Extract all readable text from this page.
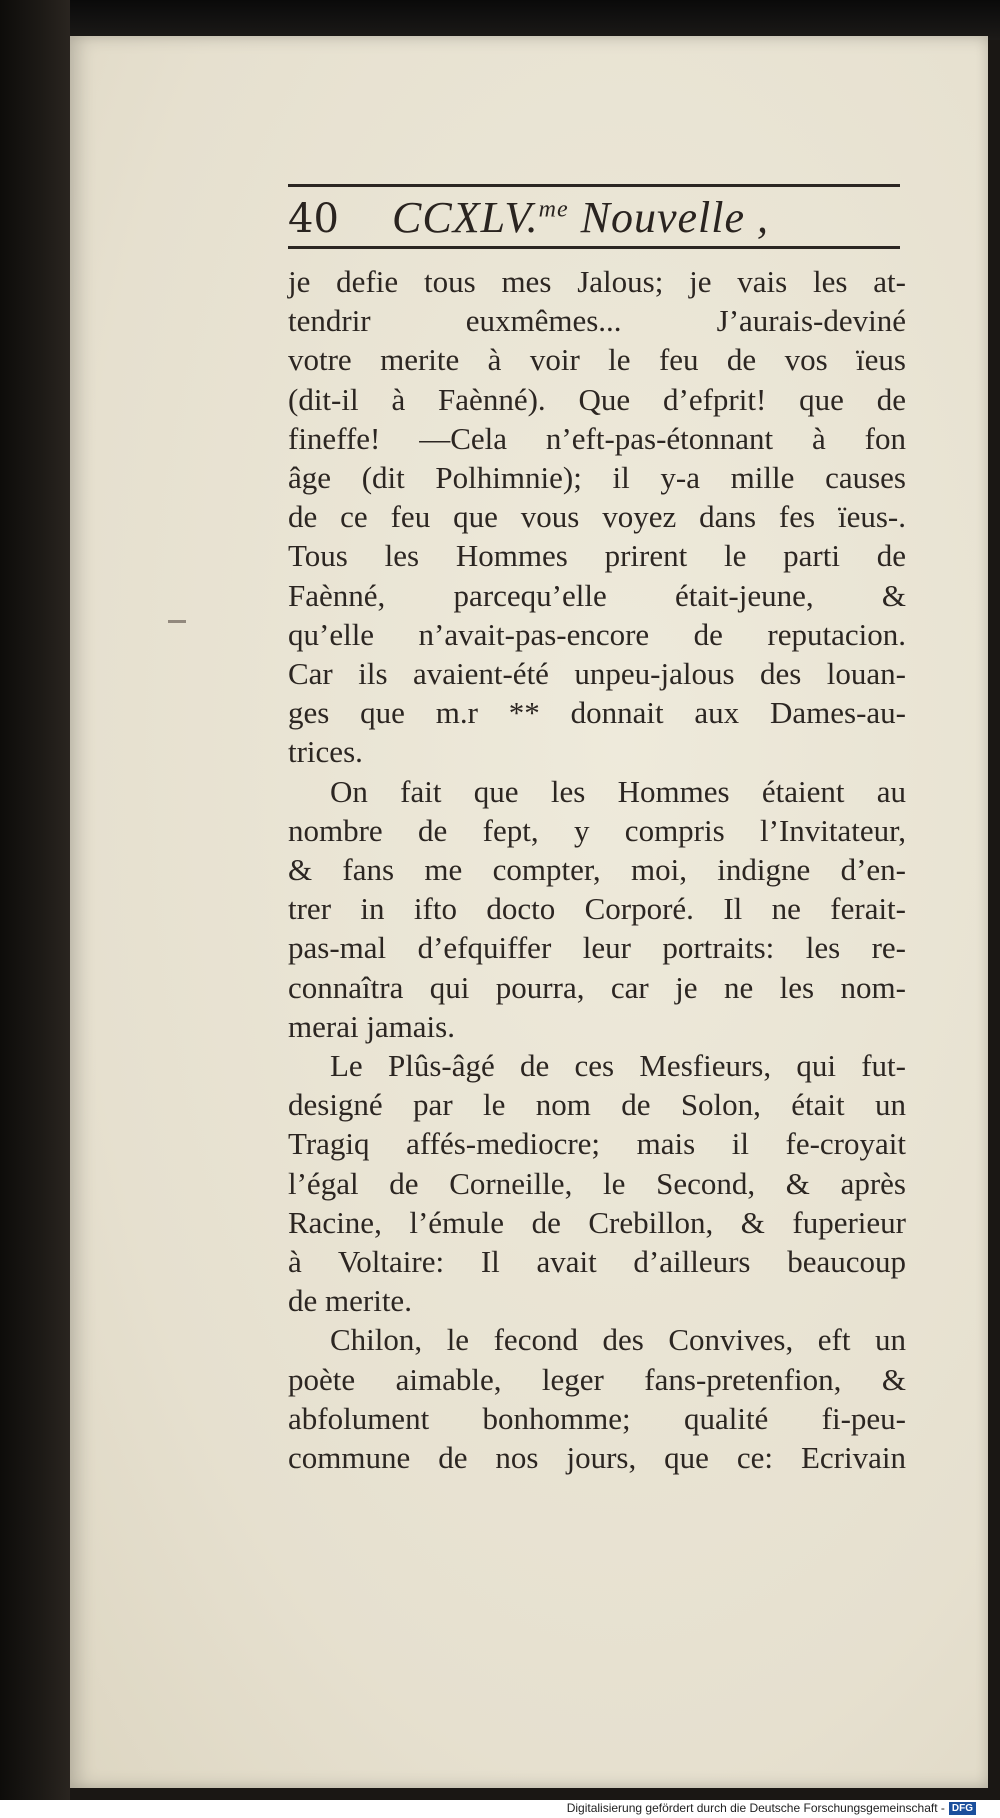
40 CCXLV.$^{me}$ Nouvelle ,
je defie tous mes Jalous; je vais les at-
tendrir euxmêmes... J’aurais-deviné
votre merite à voir le feu de vos ïeus
(dit-il à Faènné). Que d’efprit! que de
fineffe! —Cela n’eft-pas-étonnant à fon
âge (dit Polhimnie); il y-a mille causes
de ce feu que vous voyez dans fes ïeus-.
Tous les Hommes prirent le parti de
Faènné, parcequ’elle était-jeune, &
qu’elle n’avait-pas-encore de reputacion.
Car ils avaient-été unpeu-jalous des louan-
ges que m.r ** donnait aux Dames-au-
trices.
On fait que les Hommes étaient au
nombre de fept, y compris l’Invitateur,
& fans me compter, moi, indigne d’en-
trer in ifto docto Corporé. Il ne ferait-
pas-mal d’efquiffer leur portraits: les re-
connaîtra qui pourra, car je ne les nom-
merai jamais.
Le Plûs-âgé de ces Mesfieurs, qui fut-
designé par le nom de Solon, était un
Tragiq affés-mediocre; mais il fe-croyait
l’égal de Corneille, le Second, & après
Racine, l’émule de Crebillon, & fuperieur
à Voltaire: Il avait d’ailleurs beaucoup
de merite.
Chilon, le fecond des Convives, eft un
poète aimable, leger fans-pretenfion, &
abfolument bonhomme; qualité fi-peu-
commune de nos jours, que ce: Ecrivain
Digitalisierung gefördert durch die Deutsche Forschungsgemeinschaft - DFG
